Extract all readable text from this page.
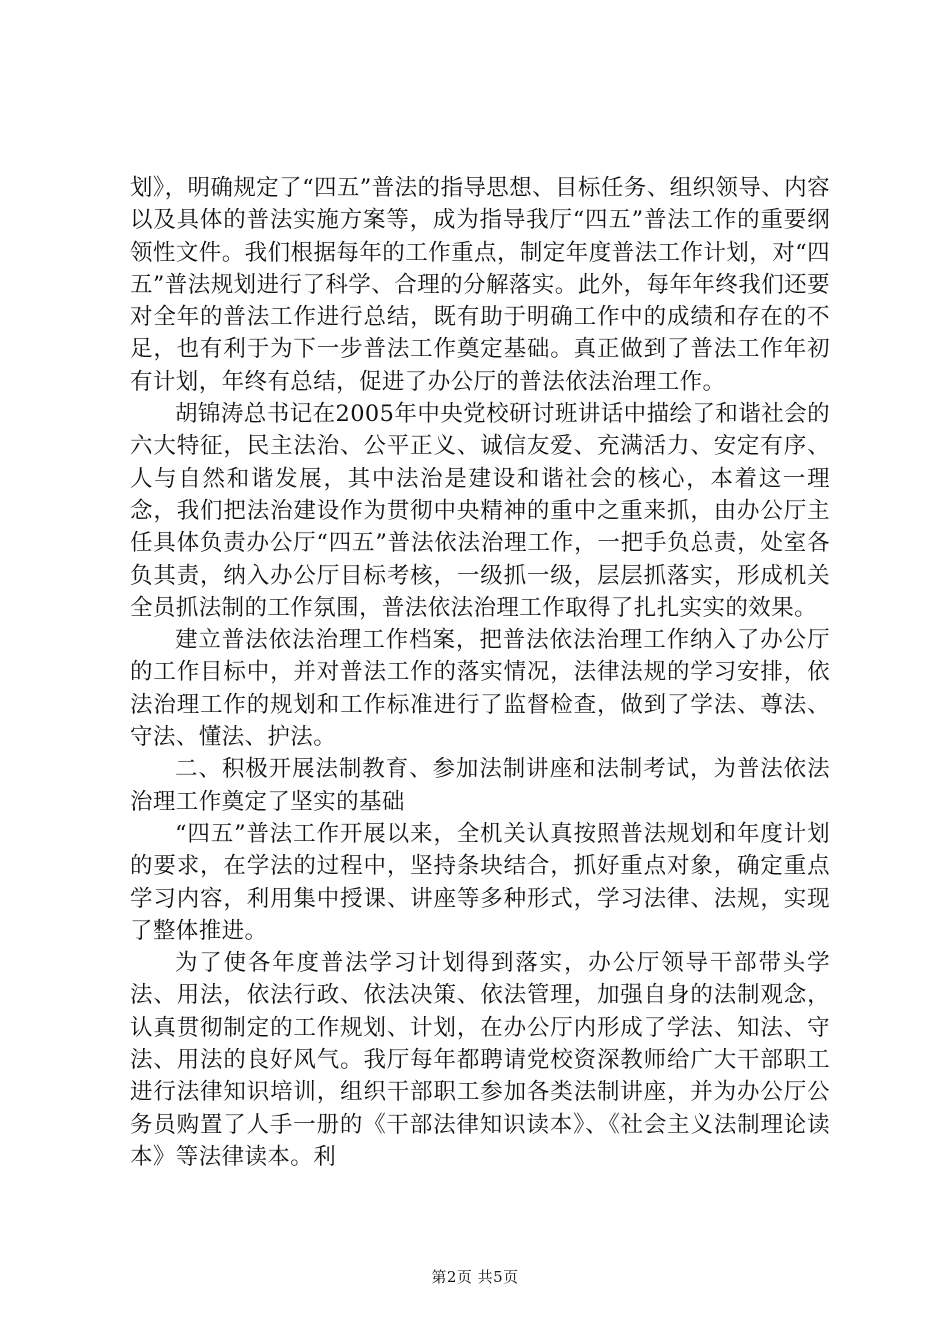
划》，明确规定了“四五”普法的指导思想、目标任务、组织领导、内容以及具体的普法实施方案等，成为指导我厅“四五”普法工作的重要纲领性文件。我们根据每年的工作重点，制定年度普法工作计划，对“四五”普法规划进行了科学、合理的分解落实。此外，每年年终我们还要对全年的普法工作进行总结，既有助于明确工作中的成绩和存在的不足，也有利于为下一步普法工作奠定基础。真正做到了普法工作年初有计划，年终有总结，促进了办公厅的普法依法治理工作。

胡锦涛总书记在2005年中央党校研讨班讲话中描绘了和谐社会的六大特征，民主法治、公平正义、诚信友爱、充满活力、安定有序、人与自然和谐发展，其中法治是建设和谐社会的核心，本着这一理念，我们把法治建设作为贯彻中央精神的重中之重来抓，由办公厅主任具体负责办公厅“四五”普法依法治理工作，一把手负总责，处室各负其责，纳入办公厅目标考核，一级抓一级，层层抓落实，形成机关全员抓法制的工作氛围，普法依法治理工作取得了扎扎实实的效果。

建立普法依法治理工作档案，把普法依法治理工作纳入了办公厅的工作目标中，并对普法工作的落实情况，法律法规的学习安排，依法治理工作的规划和工作标准进行了监督检查，做到了学法、尊法、守法、懂法、护法。

二、积极开展法制教育、参加法制讲座和法制考试，为普法依法治理工作奠定了坚实的基础

“四五”普法工作开展以来，全机关认真按照普法规划和年度计划的要求，在学法的过程中，坚持条块结合，抓好重点对象，确定重点学习内容，利用集中授课、讲座等多种形式，学习法律、法规，实现了整体推进。

为了使各年度普法学习计划得到落实，办公厅领导干部带头学法、用法，依法行政、依法决策、依法管理，加强自身的法制观念，认真贯彻制定的工作规划、计划，在办公厅内形成了学法、知法、守法、用法的良好风气。我厅每年都聘请党校资深教师给广大干部职工进行法律知识培训，组织干部职工参加各类法制讲座，并为办公厅公务员购置了人手一册的《干部法律知识读本》、《社会主义法制理论读本》等法律读本。利

第2页 共5页
